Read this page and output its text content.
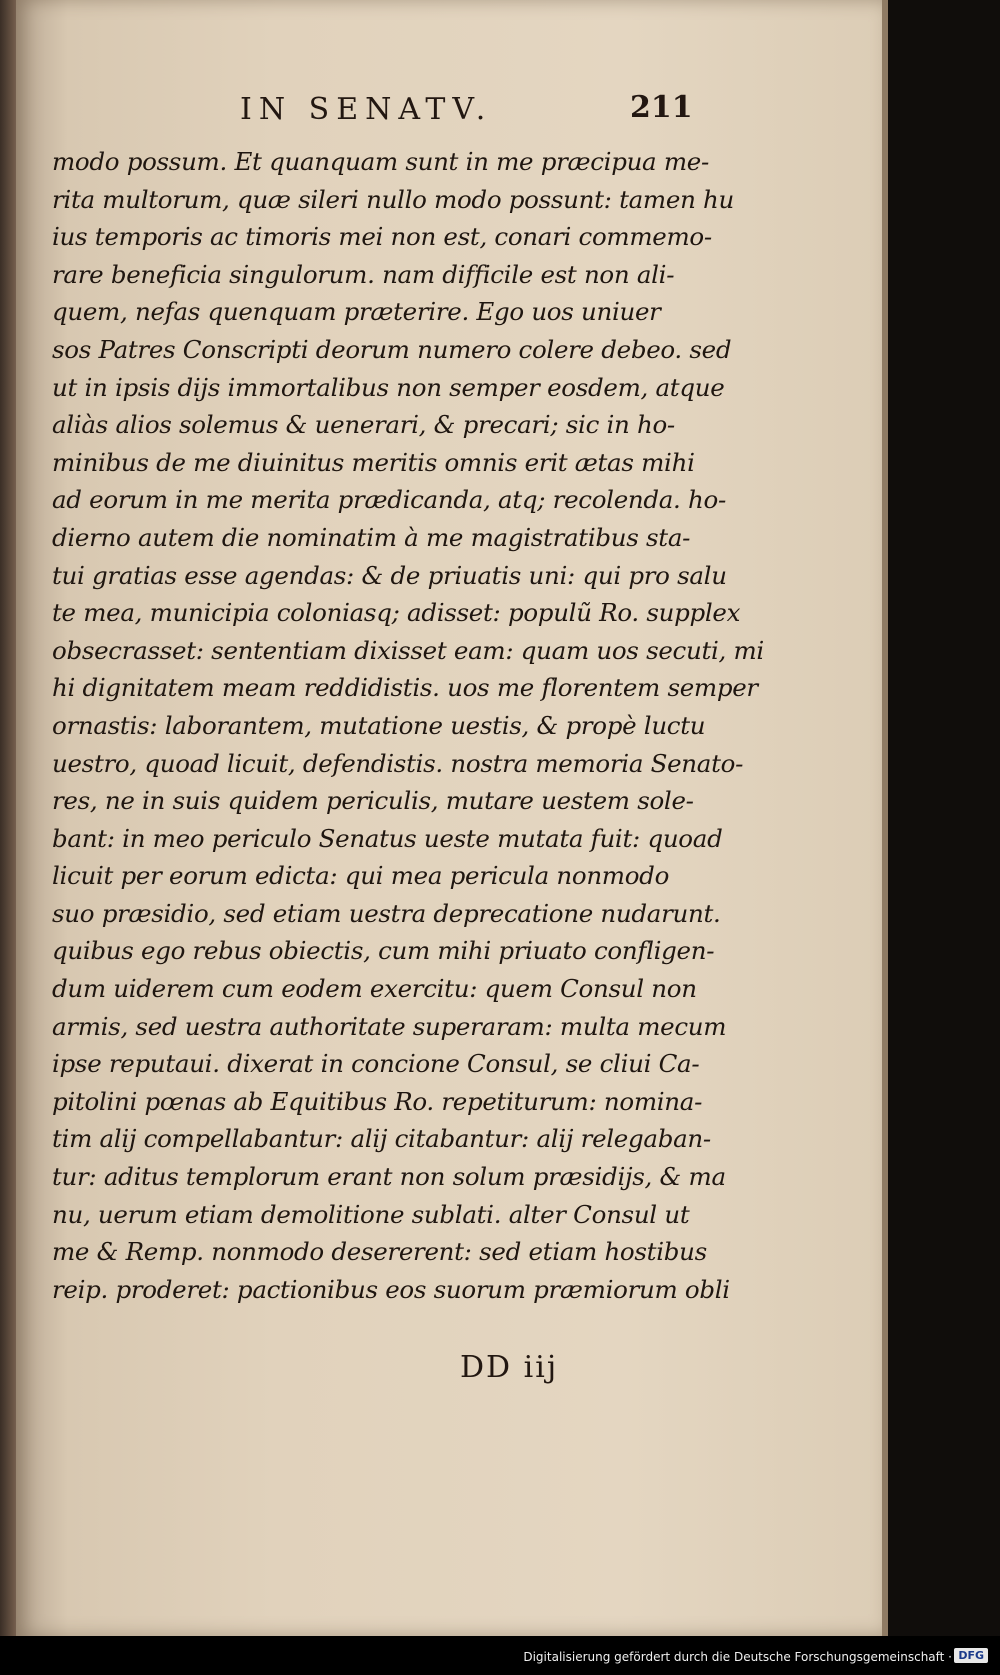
IN SENATV.	211
modo possum. Et quanquam sunt in me præcipua me-
rita multorum, quæ sileri nullo modo possunt: tamen hu
ius temporis ac timoris mei non est, conari commemo-
rare beneficia singulorum. nam difficile est non ali-
quem, nefas quenquam præterire. Ego uos uniuer
sos Patres Conscripti deorum numero colere debeo. sed
ut in ipsis dijs immortalibus non semper eosdem, atque
aliàs alios solemus & uenerari, & precari; sic in ho-
minibus de me diuinitus meritis omnis erit ætas mihi
ad eorum in me merita prædicanda, atq; recolenda. ho-
dierno autem die nominatim à me magistratibus sta-
tui gratias esse agendas: & de priuatis uni: qui pro salu
te mea, municipia coloniasq; adisset: populũ Ro. supplex
obsecrasset: sententiam dixisset eam: quam uos secuti, mi
hi dignitatem meam reddidistis. uos me florentem semper
ornastis: laborantem, mutatione uestis, & propè luctu
uestro, quoad licuit, defendistis. nostra memoria Senato-
res, ne in suis quidem periculis, mutare uestem sole-
bant: in meo periculo Senatus ueste mutata fuit: quoad
licuit per eorum edicta: qui mea pericula nonmodo
suo præsidio, sed etiam uestra deprecatione nudarunt.
quibus ego rebus obiectis, cum mihi priuato confligen-
dum uiderem cum eodem exercitu: quem Consul non
armis, sed uestra authoritate superaram: multa mecum
ipse reputaui. dixerat in concione Consul, se cliui Ca-
pitolini pœnas ab Equitibus Ro. repetiturum: nomina-
tim alij compellabantur: alij citabantur: alij relegaban-
tur: aditus templorum erant non solum præsidijs, & ma
nu, uerum etiam demolitione sublati. alter Consul ut
me & Remp. nonmodo desererent: sed etiam hostibus
reip. proderet: pactionibus eos suorum præmiorum obli
DD iij
Digitalisierung gefördert durch die Deutsche Forschungsgemeinschaft · DFG
